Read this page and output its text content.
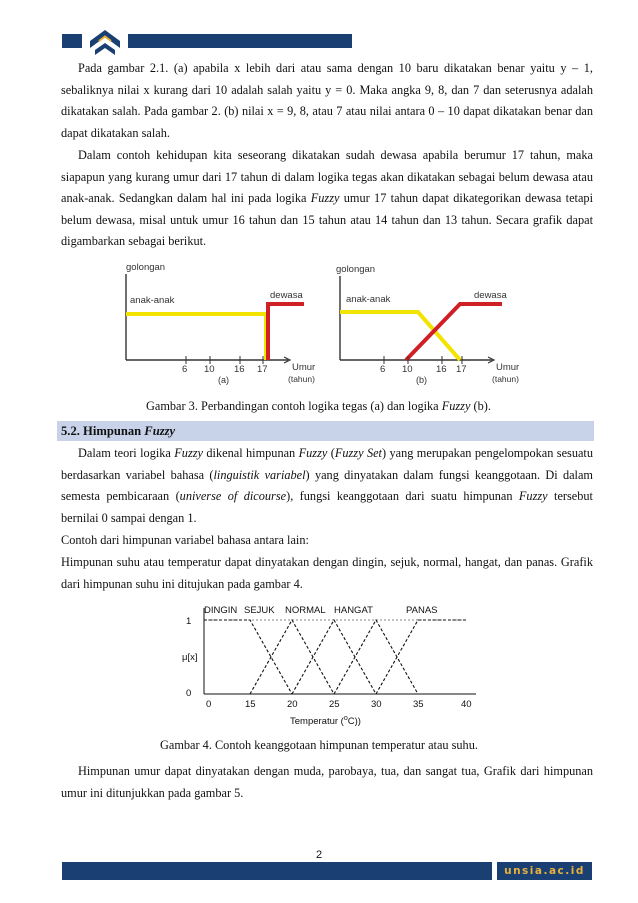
Pada gambar 2.1. (a) apabila x lebih dari atau sama dengan 10 baru dikatakan benar yaitu y – 1, sebaliknya nilai x kurang dari 10 adalah salah yaitu y = 0. Maka angka 9, 8, dan 7 dan seterusnya adalah dikatakan salah. Pada gambar 2. (b) nilai x = 9, 8, atau 7 atau nilai antara 0 – 10 dapat dikatakan benar dan dapat dikatakan salah.

Dalam contoh kehidupan kita seseorang dikatakan sudah dewasa apabila berumur 17 tahun, maka siapapun yang kurang umur dari 17 tahun di dalam logika tegas akan dikatakan sebagai belum dewasa atau anak-anak. Sedangkan dalam hal ini pada logika Fuzzy umur 17 tahun dapat dikategorikan dewasa tetapi belum dewasa, misal untuk umur 16 tahun dan 15 tahun atau 14 tahun dan 13 tahun. Secara grafik dapat digambarkan sebagai berikut.

golongan
anak-anak	dewasa
6 10 16 17	Umur
(tahun)
(a)
golongan
anak-anak	dewasa
6 10 16 17	Umur
(tahun)
(b)

Gambar 3. Perbandingan contoh logika tegas (a) dan logika Fuzzy (b).

5.2. Himpunan Fuzzy

Dalam teori logika Fuzzy dikenal himpunan Fuzzy (Fuzzy Set) yang merupakan pengelompokan sesuatu berdasarkan variabel bahasa (linguistik variabel) yang dinyatakan dalam fungsi keanggotaan. Di dalam semesta pembicaraan (universe of dicourse), fungsi keanggotaan dari suatu himpunan Fuzzy tersebut bernilai 0 sampai dengan 1.

Contoh dari himpunan variabel bahasa antara lain:

Himpunan suhu atau temperatur dapat dinyatakan dengan dingin, sejuk, normal, hangat, dan panas. Grafik dari himpunan suhu ini ditujukan pada gambar 4.

DINGIN SEJUK NORMAL HANGAT	PANAS
1
μ[x]
0
0	15	20	25	30	35	40
Temperatur ($^o$C))

Gambar 4. Contoh keanggotaan himpunan temperatur atau suhu.

Himpunan umur dapat dinyatakan dengan muda, parobaya, tua, dan sangat tua, Grafik dari himpunan umur ini ditunjukkan pada gambar 5.

2
unsia.ac.id
